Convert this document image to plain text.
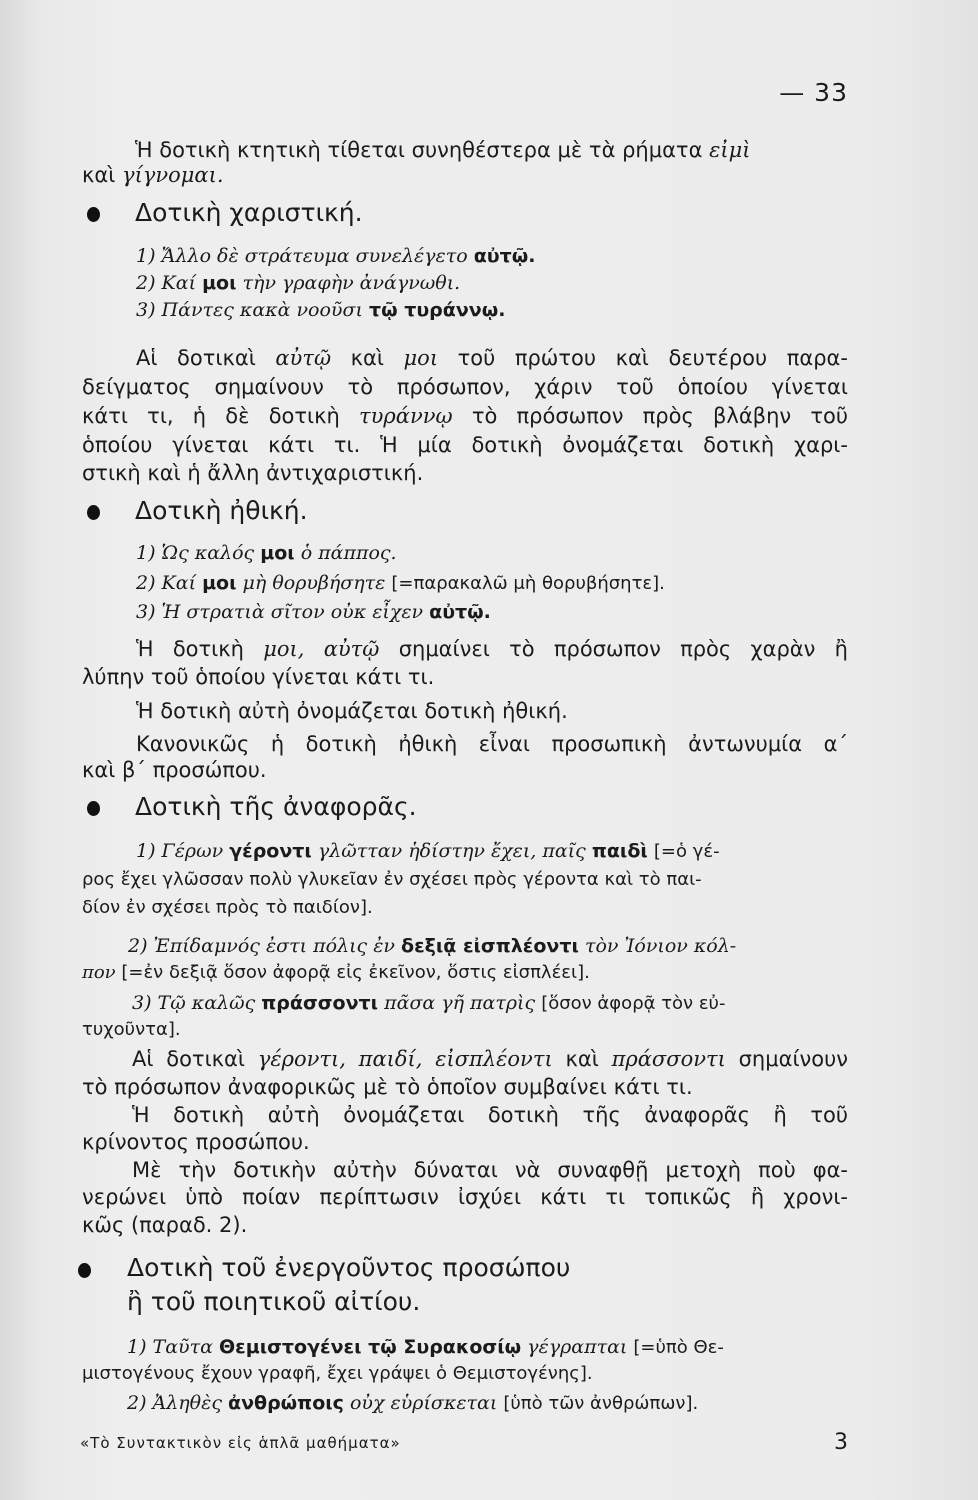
— 33
Ἡ δοτικὴ κτητικὴ τίθεται συνηθέστερα μὲ τὰ ρήματα εἰμὶ
καὶ γίγνομαι.
Δοτικὴ χαριστική.
1) Ἄλλο δὲ στράτευμα συνελέγετο αὐτῷ.
2) Καί μοι τὴν γραφὴν ἀνάγνωθι.
3) Πάντες κακὰ νοοῦσι τῷ τυράννῳ.
Αἱ δοτικαὶ αὐτῷ καὶ μοι τοῦ πρώτου καὶ δευτέρου παρα-
δείγματος σημαίνουν τὸ πρόσωπον, χάριν τοῦ ὁποίου γίνεται
κάτι τι, ἡ δὲ δοτικὴ τυράννῳ τὸ πρόσωπον πρὸς βλάβην τοῦ
ὁποίου γίνεται κάτι τι. Ἡ μία δοτικὴ ὀνομάζεται δοτικὴ χαρι-
στικὴ καὶ ἡ ἄλλη ἀντιχαριστική.
Δοτικὴ ἠθική.
1) Ὡς καλός μοι ὁ πάππος.
2) Καί μοι μὴ θορυβήσητε [=παρακαλῶ μὴ θορυβήσητε].
3) Ἡ στρατιὰ σῖτον οὐκ εἶχεν αὐτῷ.
Ἡ δοτικὴ μοι, αὐτῷ σημαίνει τὸ πρόσωπον πρὸς χαρὰν ἢ
λύπην τοῦ ὁποίου γίνεται κάτι τι.
Ἡ δοτικὴ αὐτὴ ὀνομάζεται δοτικὴ ἠθική.
Κανονικῶς ἡ δοτικὴ ἠθικὴ εἶναι προσωπικὴ ἀντωνυμία α΄
καὶ β΄ προσώπου.
Δοτικὴ τῆς ἀναφορᾶς.
1) Γέρων γέροντι γλῶτταν ἡδίστην ἔχει, παῖς παιδὶ [=ὁ γέ-
ρος ἔχει γλῶσσαν πολὺ γλυκεῖαν ἐν σχέσει πρὸς γέροντα καὶ τὸ παι-
δίον ἐν σχέσει πρὸς τὸ παιδίον].
2) Ἐπίδαμνός ἐστι πόλις ἐν δεξιᾷ εἰσπλέοντι τὸν Ἰόνιον κόλ-
πον [=ἐν δεξιᾷ ὅσον ἀφορᾷ εἰς ἐκεῖνον, ὅστις εἰσπλέει].
3) Τῷ καλῶς πράσσοντι πᾶσα γῆ πατρὶς [ὅσον ἀφορᾷ τὸν εὐ-
τυχοῦντα].
Αἱ δοτικαὶ γέροντι, παιδί, εἰσπλέοντι καὶ πράσσοντι σημαίνουν
τὸ πρόσωπον ἀναφορικῶς μὲ τὸ ὁποῖον συμβαίνει κάτι τι.
Ἡ δοτικὴ αὐτὴ ὀνομάζεται δοτικὴ τῆς ἀναφορᾶς ἢ τοῦ
κρίνοντος προσώπου.
Μὲ τὴν δοτικὴν αὐτὴν δύναται νὰ συναφθῇ μετοχὴ ποὺ φα-
νερώνει ὑπὸ ποίαν περίπτωσιν ἰσχύει κάτι τι τοπικῶς ἢ χρονι-
κῶς (παραδ. 2).
Δοτικὴ τοῦ ἐνεργοῦντος προσώπου
ἢ τοῦ ποιητικοῦ αἰτίου.
1) Ταῦτα Θεμιστογένει τῷ Συρακοσίῳ γέγραπται [=ὑπὸ Θε-
μιστογένους ἔχουν γραφῆ, ἔχει γράψει ὁ Θεμιστογένης].
2) Ἀληθὲς ἀνθρώποις οὐχ εὑρίσκεται [ὑπὸ τῶν ἀνθρώπων].
«Τὸ Συντακτικὸν εἰς ἁπλᾶ μαθήματα»	3
